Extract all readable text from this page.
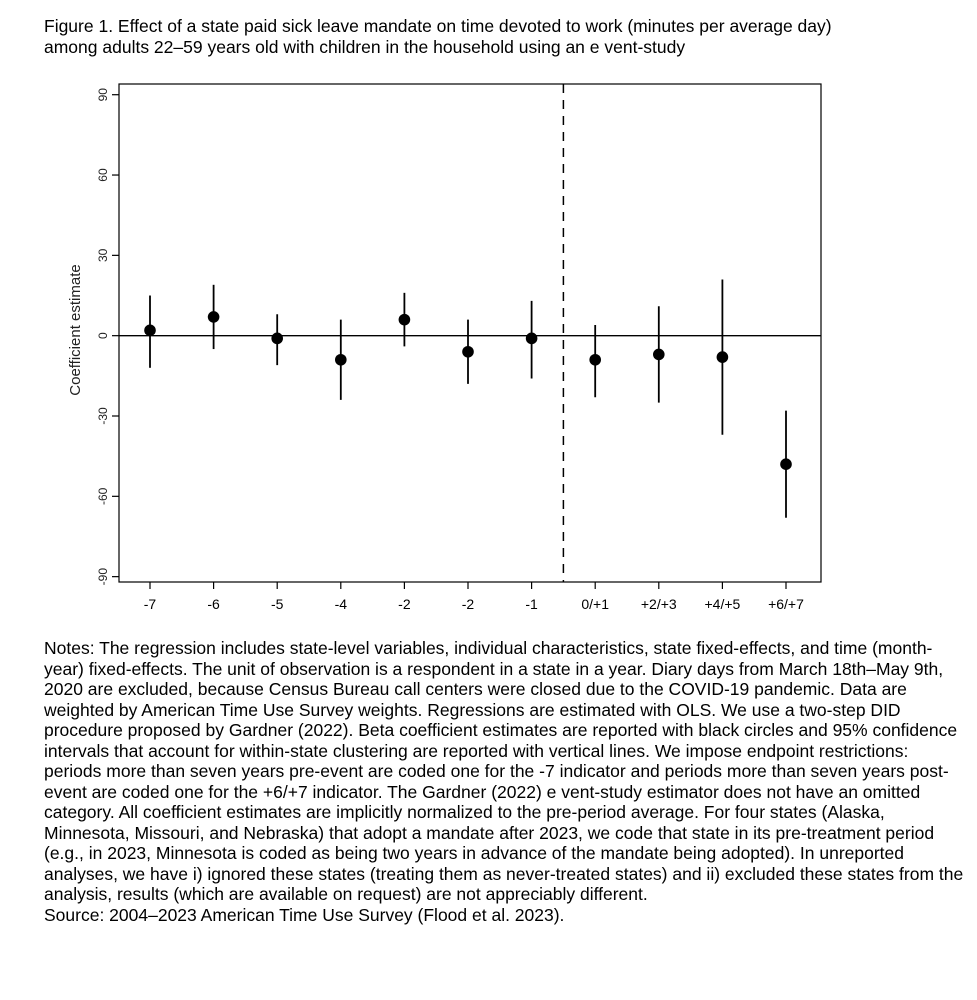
Figure 1. Effect of a state paid sick leave mandate on time devoted to work (minutes per average day)
among adults 22–59 years old with children in the household using an e vent-study
-90
-60
-30
0
30
60
90
Coefficient estimate
-7	-6	-5	-4	-2	-2	-1	0/+1 +2/+3 +4/+5 +6/+7

Notes: The regression includes state-level variables, individual characteristics, state fixed-effects, and time (month-year) fixed-effects. The unit of observation is a respondent in a state in a year. Diary days from March 18th–May 9th, 2020 are excluded, because Census Bureau call centers were closed due to the COVID-19 pandemic. Data are weighted by American Time Use Survey weights. Regressions are estimated with OLS. We use a two-step DID procedure proposed by Gardner (2022). Beta coefficient estimates are reported with black circles and 95% confidence intervals that account for within-state clustering are reported with vertical lines. We impose endpoint restrictions: periods more than seven years pre-event are coded one for the -7 indicator and periods more than seven years post-event are coded one for the +6/+7 indicator. The Gardner (2022) e vent-study estimator does not have an omitted category. All coefficient estimates are implicitly normalized to the pre-period average. For four states (Alaska, Minnesota, Missouri, and Nebraska) that adopt a mandate after 2023, we code that state in its pre-treatment period (e.g., in 2023, Minnesota is coded as being two years in advance of the mandate being adopted). In unreported analyses, we have i) ignored these states (treating them as never-treated states) and ii) excluded these states from the analysis, results (which are available on request) are not appreciably different.

Source: 2004–2023 American Time Use Survey (Flood et al. 2023).
